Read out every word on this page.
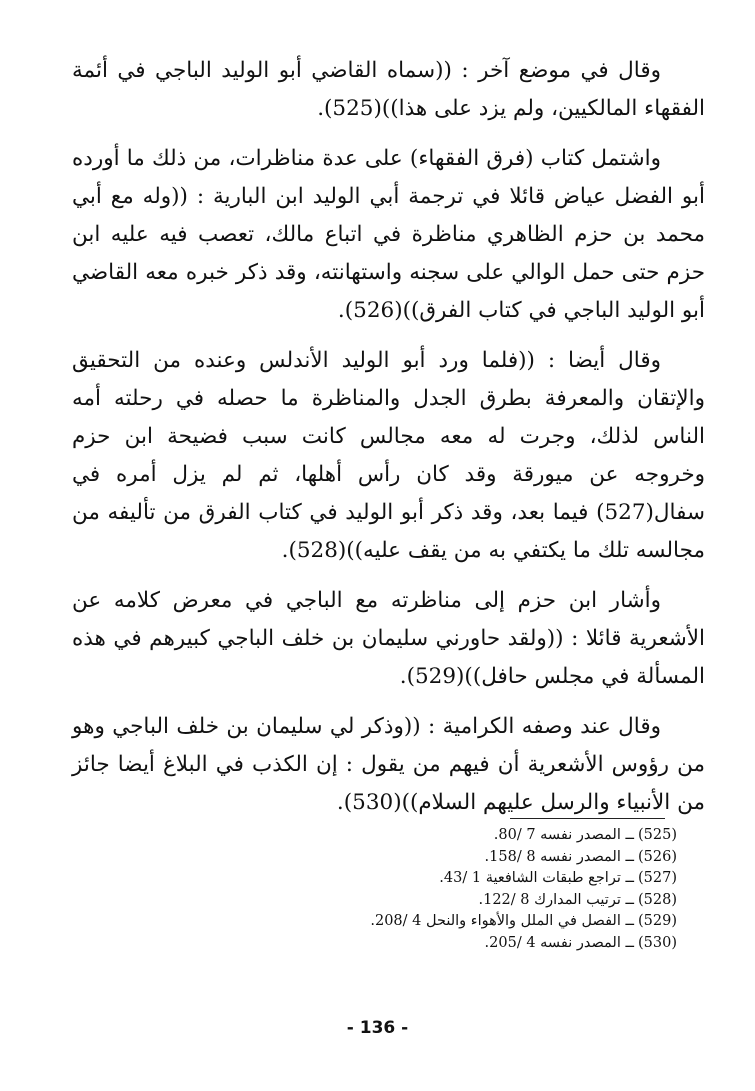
وقال في موضع آخر : ((سماه القاضي أبو الوليد الباجي في أئمة الفقهاء المالكيين، ولم يزد على هذا))(525).

واشتمل كتاب (فرق الفقهاء) على عدة مناظرات، من ذلك ما أورده أبو الفضل عياض قائلا في ترجمة أبي الوليد ابن البارية : ((وله مع أبي محمد بن حزم الظاهري مناظرة في اتباع مالك، تعصب فيه عليه ابن حزم حتى حمل الوالي على سجنه واستهانته، وقد ذكر خبره معه القاضي أبو الوليد الباجي في كتاب الفرق))(526).

وقال أيضا : ((فلما ورد أبو الوليد الأندلس وعنده من التحقيق والإتقان والمعرفة بطرق الجدل والمناظرة ما حصله في رحلته أمه الناس لذلك، وجرت له معه مجالس كانت سبب فضيحة ابن حزم وخروجه عن ميورقة وقد كان رأس أهلها، ثم لم يزل أمره في سفال(527) فيما بعد، وقد ذكر أبو الوليد في كتاب الفرق من تأليفه من مجالسه تلك ما يكتفي به من يقف عليه))(528).

وأشار ابن حزم إلى مناظرته مع الباجي في معرض كلامه عن الأشعرية قائلا : ((ولقد حاورني سليمان بن خلف الباجي كبيرهم في هذه المسألة في مجلس حافل))(529).

وقال عند وصفه الكرامية : ((وذكر لي سليمان بن خلف الباجي وهو من رؤوس الأشعرية أن فيهم من يقول : إن الكذب في البلاغ أيضا جائز من الأنبياء والرسل عليهم السلام))(530).

(525)ــ المصدر نفسه 7 /80.
(526)ــ المصدر نفسه 8 /158.
(527)ــ تراجع طبقات الشافعية 1 /43.
(528)ــ ترتيب المدارك 8 /122.
(529)ــ الفصل في الملل والأهواء والنحل 4 /208.
(530)ــ المصدر نفسه 4 /205.
- 136 -
